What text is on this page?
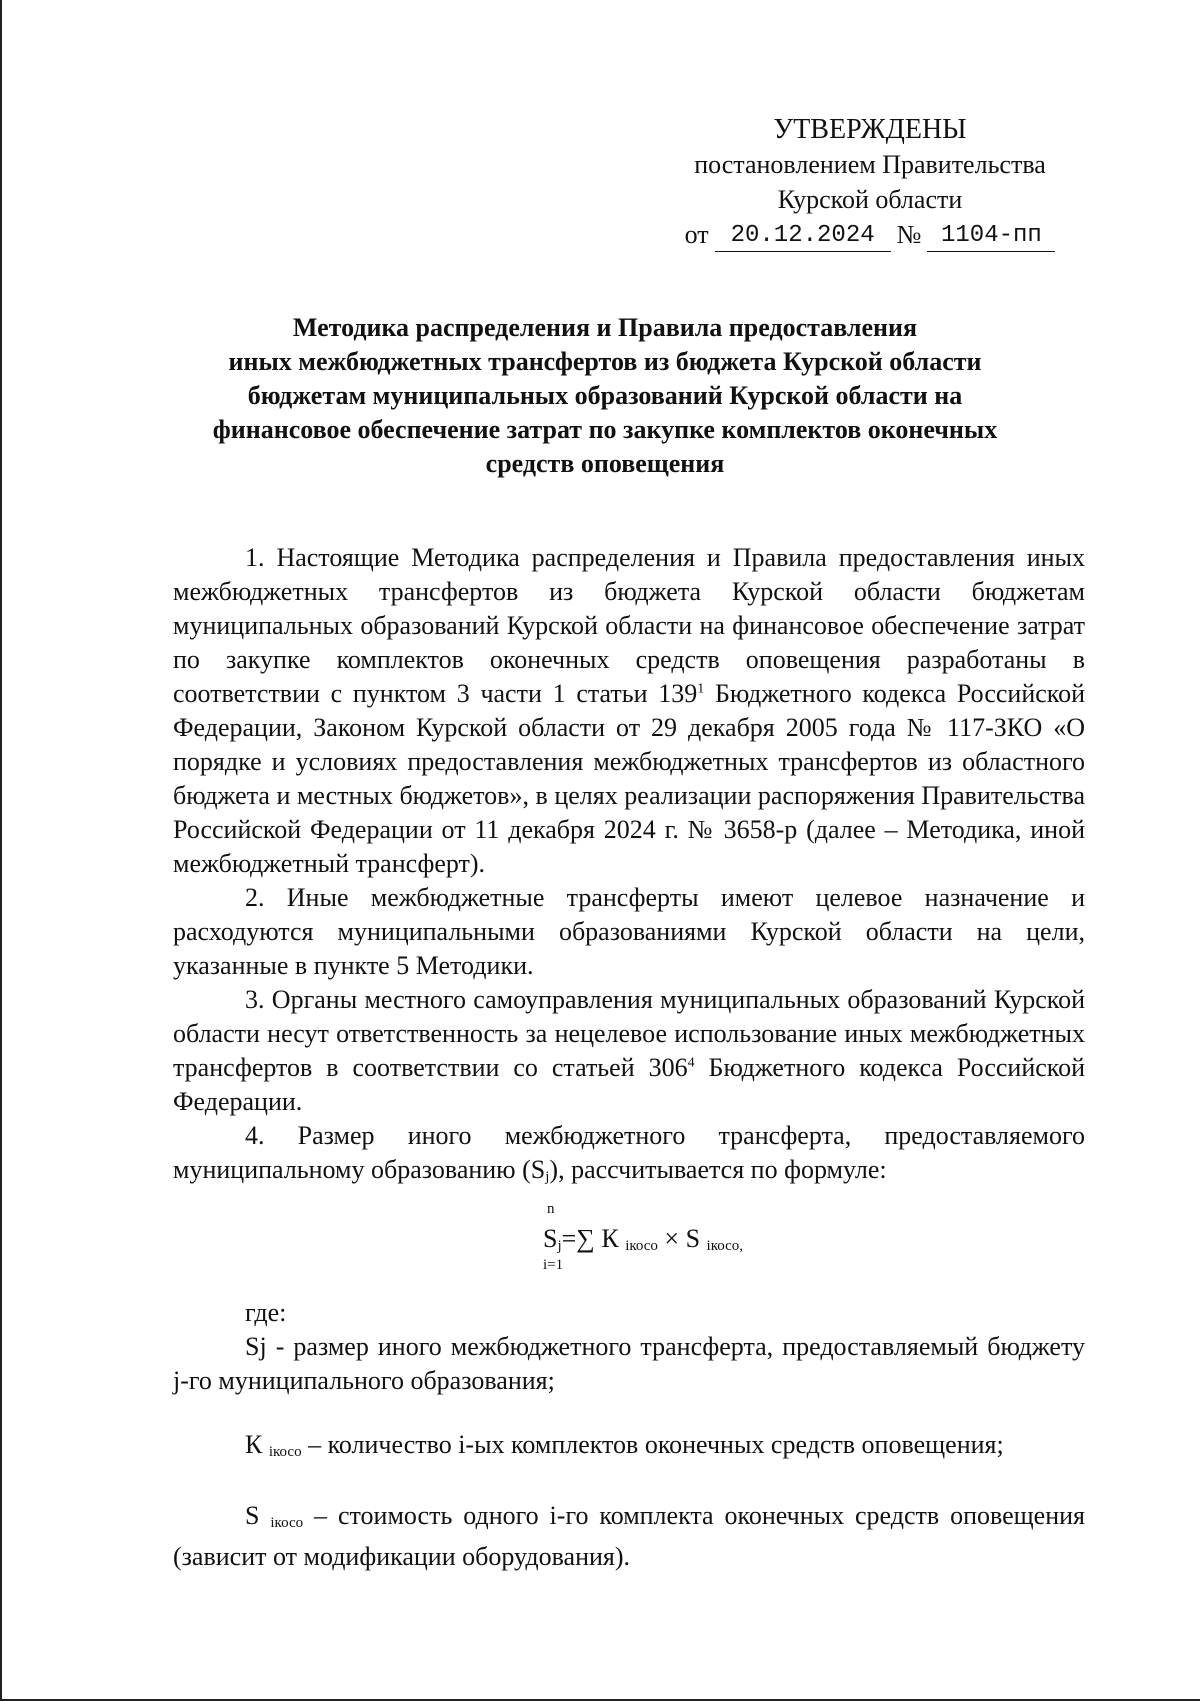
УТВЕРЖДЕНЫ
постановлением Правительства
Курской области
от 20.12.2024 № 1104-пп
Методика распределения и Правила предоставления
иных межбюджетных трансфертов из бюджета Курской области
бюджетам муниципальных образований Курской области на
финансовое обеспечение затрат по закупке комплектов оконечных
средств оповещения

1. Настоящие Методика распределения и Правила предоставления иных межбюджетных трансфертов из бюджета Курской области бюджетам муниципальных образований Курской области на финансовое обеспечение затрат по закупке комплектов оконечных средств оповещения разработаны в соответствии с пунктом 3 части 1 статьи $139^1$ Бюджетного кодекса Российской Федерации, Законом Курской области от 29 декабря 2005 года № 117-ЗКО «О порядке и условиях предоставления межбюджетных трансфертов из областного бюджета и местных бюджетов», в целях реализации распоряжения Правительства Российской Федерации от 11 декабря 2024 г. № 3658-р (далее – Методика, иной межбюджетный трансферт).

2. Иные межбюджетные трансферты имеют целевое назначение и расходуются муниципальными образованиями Курской области на цели, указанные в пункте 5 Методики.

3. Органы местного самоуправления муниципальных образований Курской области несут ответственность за нецелевое использование иных межбюджетных трансфертов в соответствии со статьей $306^4$ Бюджетного кодекса Российской Федерации.

4. Размер иного межбюджетного трансферта, предоставляемого муниципальному образованию $(S_j)$, рассчитывается по формуле:

n
$S_j=\sum$ К $_{iкосо}$ × S $_{iкосо,}$
i=1

где:

Sj - размер иного межбюджетного трансферта, предоставляемый бюджету j-го муниципального образования;

К $_{iкосо}$ – количество i-ых комплектов оконечных средств оповещения;

S $_{iкосо}$ – стоимость одного i-го комплекта оконечных средств оповещения (зависит от модификации оборудования).
